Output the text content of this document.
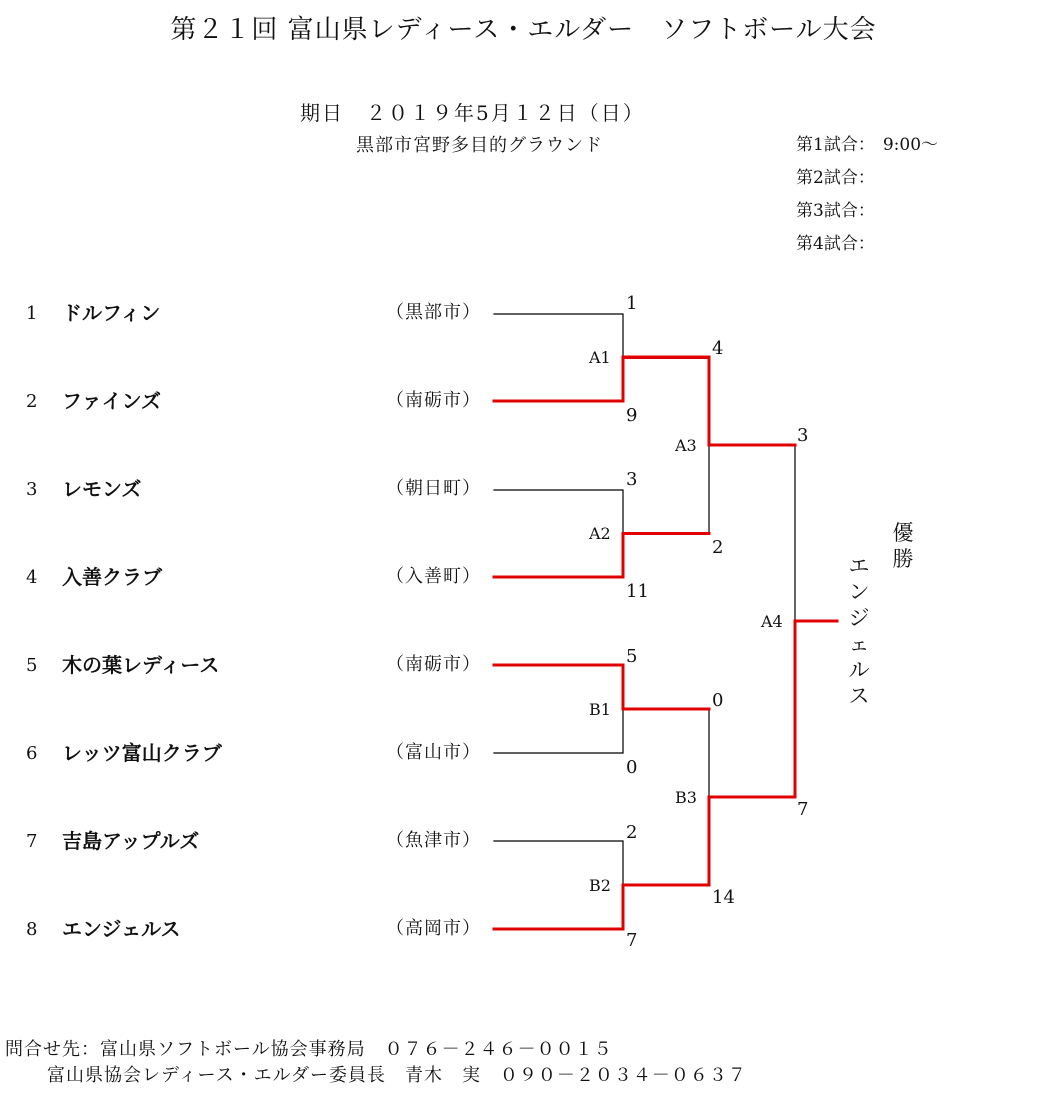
第２１回 富山県レディース・エルダー　ソフトボール大会
期日　２０１９年5月１２日（日）
黒部市宮野多目的グラウンド	第1試合： 9:00～
第2試合：
第3試合：
第4試合：
1 ドルフィン	（黒部市）
2 ファインズ	（南砺市）
3 レモンズ	（朝日町）
4 入善クラブ	（入善町）
5 木の葉レディース	（南砺市）
6 レッツ富山クラブ	（富山市）
7 吉島アップルズ	（魚津市）
8 エンジェルス	（高岡市）
1
9
3
11
5
0
2
7
4
2
0
14
3
7
A1
A2
B1
B2
A3
B3
A4
優勝
エンジェルス
問合せ先：富山県ソフトボール協会事務局　０７６－２４６－００１５
富山県協会レディース・エルダー委員長　青木　実　０９０－２０３４－０６３７
